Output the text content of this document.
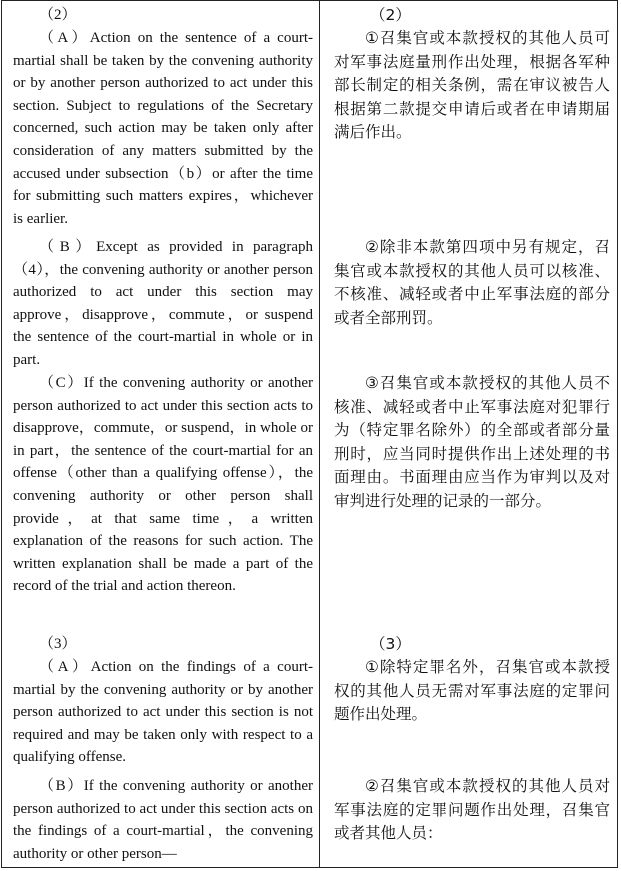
（2）

（A）Action on the sentence of a court-martial shall be taken by the convening authority or by another person authorized to act under this section. Subject to regulations of the Secretary concerned, such action may be taken only after consideration of any matters submitted by the accused under subsection（b）or after the time for submitting such matters expires，whichever is earlier.

（B）Except as provided in paragraph（4），the convening authority or another person authorized to act under this section may approve，disapprove，commute，or suspend the sentence of the court-martial in whole or in part.

（C）If the convening authority or another person authorized to act under this section acts to disapprove，commute，or suspend，in whole or in part，the sentence of the court-martial for an offense（other than a qualifying offense），the convening authority or other person shall provide，at that same time，a written explanation of the reasons for such action. The written explanation shall be made a part of the record of the trial and action thereon.

（3）

（A）Action on the findings of a court-martial by the convening authority or by another person authorized to act under this section is not required and may be taken only with respect to a qualifying offense.

（B）If the convening authority or another person authorized to act under this section acts on the findings of a court-martial，the convening authority or other person—

（2）

①召集官或本款授权的其他人员可对军事法庭量刑作出处理，根据各军种部长制定的相关条例，需在审议被告人根据第二款提交申请后或者在申请期届满后作出。

②除非本款第四项中另有规定，召集官或本款授权的其他人员可以核准、不核准、减轻或者中止军事法庭的部分或者全部刑罚。

③召集官或本款授权的其他人员不核准、减轻或者中止军事法庭对犯罪行为（特定罪名除外）的全部或者部分量刑时，应当同时提供作出上述处理的书面理由。书面理由应当作为审判以及对审判进行处理的记录的一部分。

（3）

①除特定罪名外，召集官或本款授权的其他人员无需对军事法庭的定罪问题作出处理。

②召集官或本款授权的其他人员对军事法庭的定罪问题作出处理，召集官或者其他人员：
